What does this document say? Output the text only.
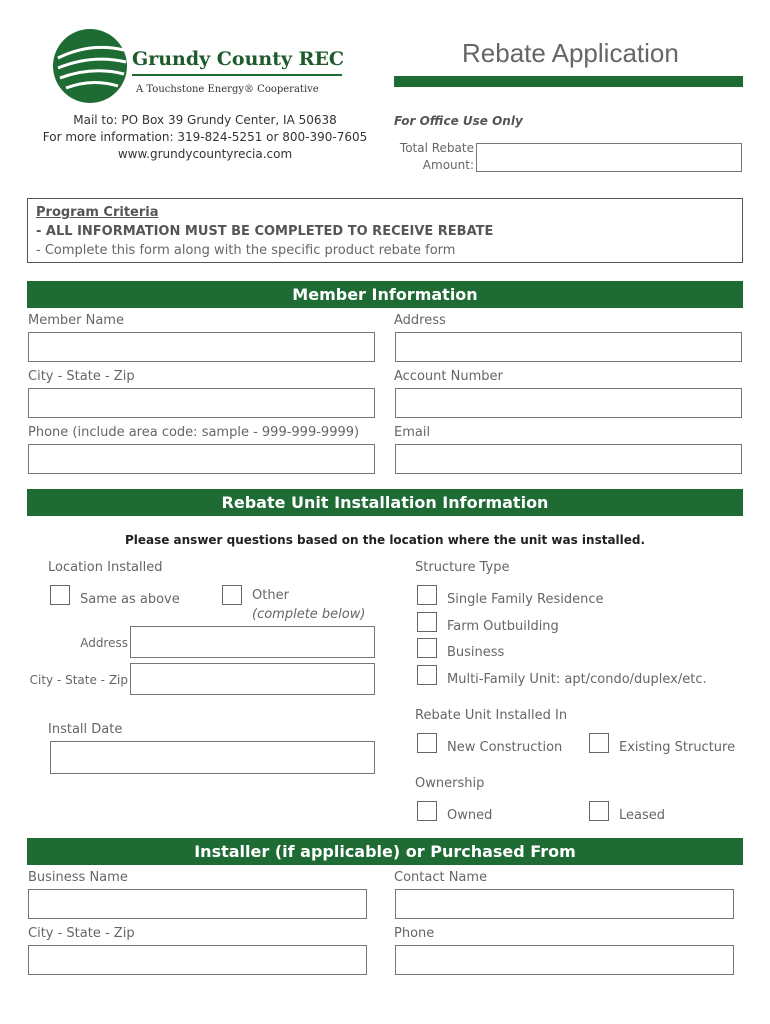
Grundy County REC
A Touchstone Energy® Cooperative
Rebate Application
Mail to: PO Box 39 Grundy Center, IA 50638
For more information: 319-824-5251 or 800-390-7605
www.grundycountyrecia.com
For Office Use Only
Total Rebate
Amount:
Program Criteria
- ALL INFORMATION MUST BE COMPLETED TO RECEIVE REBATE
- Complete this form along with the specific product rebate form
Member Information
Member Name	Address
City - State - Zip	Account Number
Phone (include area code: sample - 999-999-9999)	Email
Rebate Unit Installation Information
Please answer questions based on the location where the unit was installed.
Location Installed
Same as above	Other
(complete below)
Address
City - State - Zip
Install Date
Structure Type
Single Family Residence
Farm Outbuilding
Business
Multi-Family Unit: apt/condo/duplex/etc.
Rebate Unit Installed In
New Construction	Existing Structure
Ownership
Owned	Leased
Installer (if applicable) or Purchased From
Business Name	Contact Name
City - State - Zip	Phone
